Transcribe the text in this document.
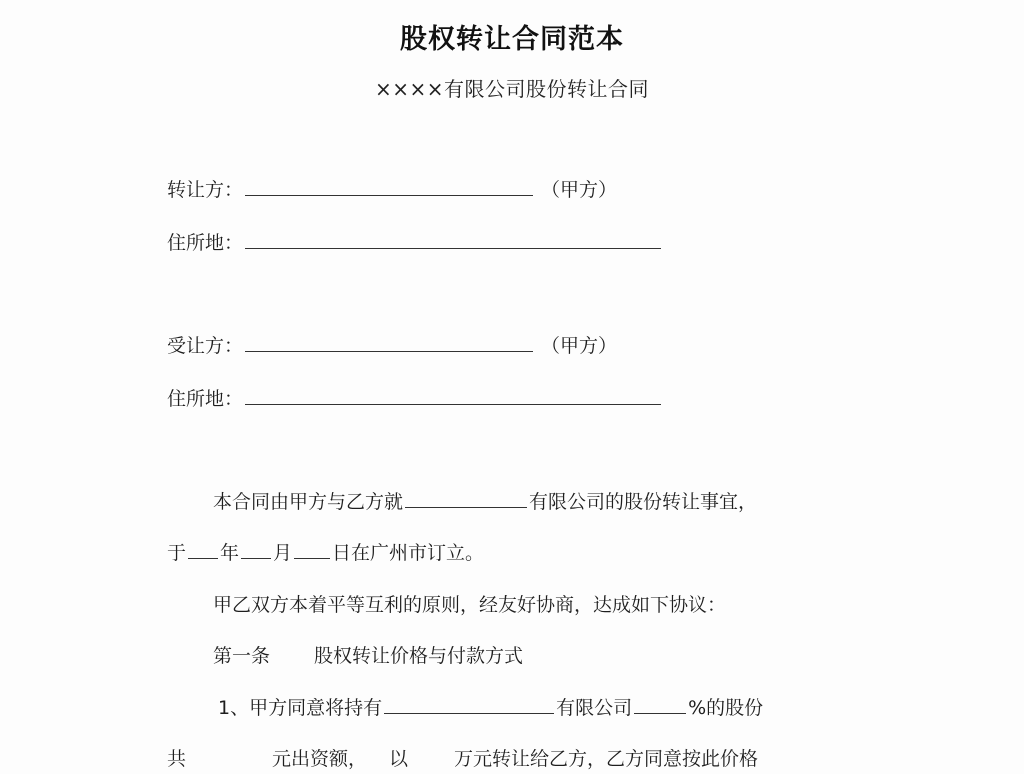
股权转让合同范本
××××有限公司股份转让合同
转让方：	（甲方）
住所地：
受让方：	（甲方）
住所地：
本合同由甲方与乙方就	有限公司的股份转让事宜，
于 年 月 日在广州市订立。
甲乙双方本着平等互利的原则，经友好协商，达成如下协议：
第一条 股权转让价格与付款方式
1、甲方同意将持有	有限公司	%的股份
共	元出资额， 以 万元转让给乙方，乙方同意按此价格
